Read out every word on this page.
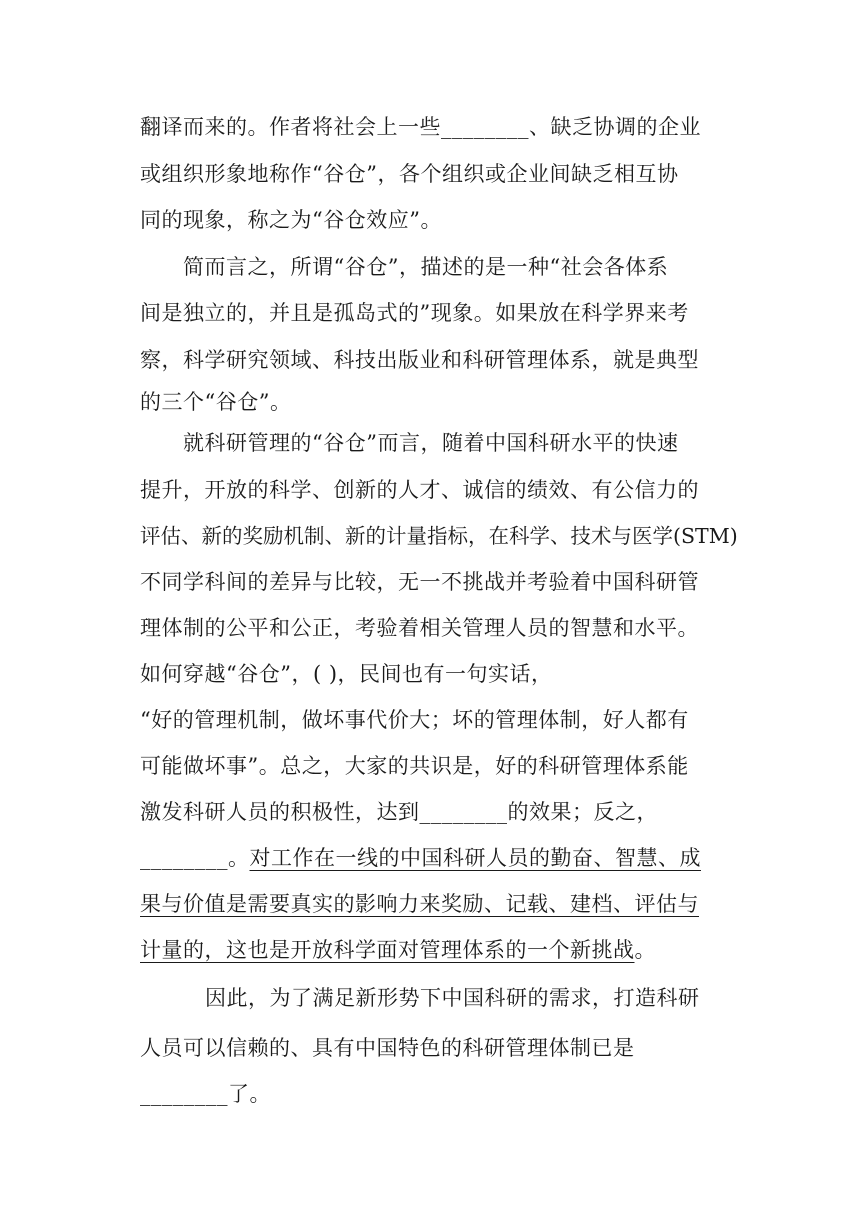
翻译而来的。作者将社会上一些________、缺乏协调的企业
或组织形象地称作“谷仓”，各个组织或企业间缺乏相互协
同的现象，称之为“谷仓效应”。
简而言之，所谓“谷仓”，描述的是一种“社会各体系
间是独立的，并且是孤岛式的”现象。如果放在科学界来考
察，科学研究领域、科技出版业和科研管理体系，就是典型
的三个“谷仓”。
就科研管理的“谷仓”而言，随着中国科研水平的快速
提升，开放的科学、创新的人才、诚信的绩效、有公信力的
评估、新的奖励机制、新的计量指标，在科学、技术与医学(STM)
不同学科间的差异与比较，无一不挑战并考验着中国科研管
理体制的公平和公正，考验着相关管理人员的智慧和水平。
如何穿越“谷仓”，( )，民间也有一句实话，
“好的管理机制，做坏事代价大；坏的管理体制，好人都有
可能做坏事”。总之，大家的共识是，好的科研管理体系能
激发科研人员的积极性，达到________的效果；反之，
________。对工作在一线的中国科研人员的勤奋、智慧、成
果与价值是需要真实的影响力来奖励、记载、建档、评估与
计量的，这也是开放科学面对管理体系的一个新挑战。
因此，为了满足新形势下中国科研的需求，打造科研
人员可以信赖的、具有中国特色的科研管理体制已是
________了。
